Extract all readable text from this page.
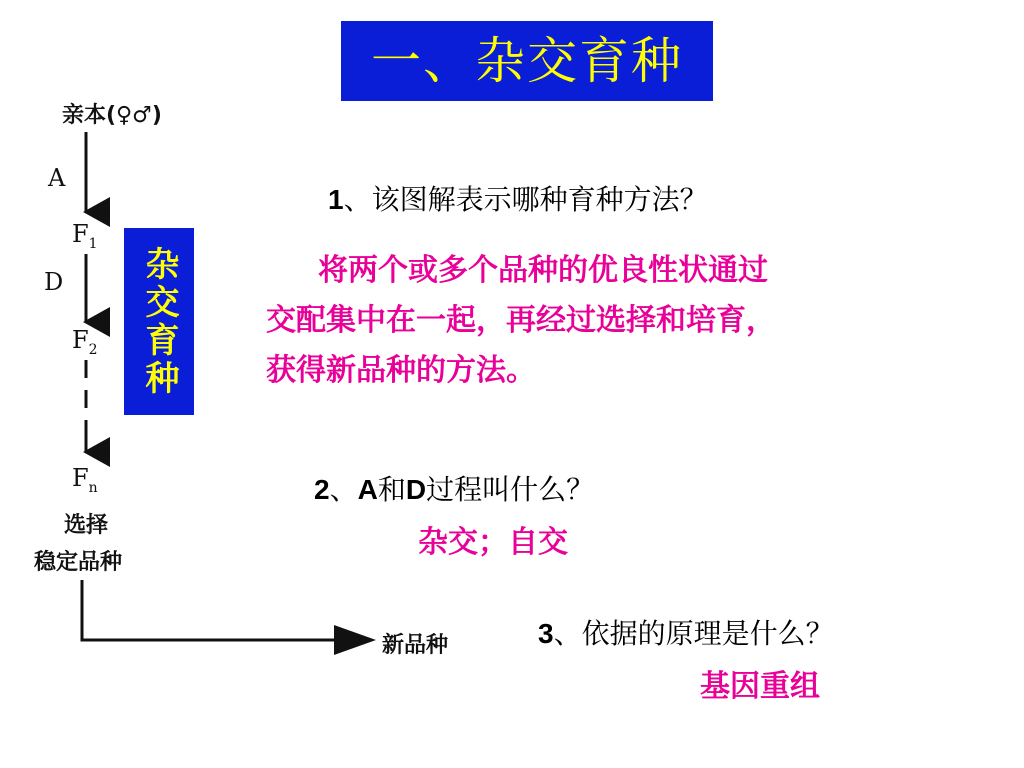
一、杂交育种
亲本(♀♂)
A
$F_1$
D
$F_2$
$F_n$
选择
稳定品种
新品种
杂交育种
1、该图解表示哪种育种方法？
将两个或多个品种的优良性状通过
交配集中在一起，再经过选择和培育，
获得新品种的方法。
2、A和D过程叫什么？
杂交；自交
3、依据的原理是什么？
基因重组
